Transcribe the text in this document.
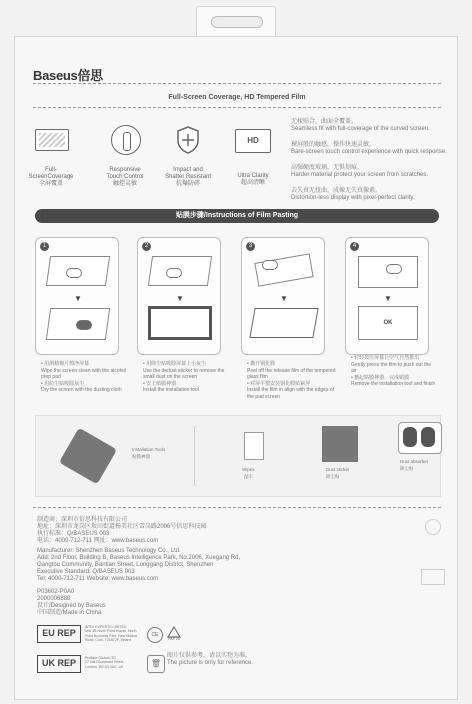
Baseus倍思
Full-Screen Coverage, HD Tempered Film
HD
Full-
ScreenCoverage
全屏覆盖
Responsive
Touch Control
触控灵敏
Impact and
Shatter Resistant
抗爆防碎
Ultra Clarity
超高清晰
无棱贴合，曲面全覆盖。
Seamless fit with full-coverage of the curved screen.
裸屏般的触感，操作快速灵敏。
Bare-screen touch control experience with quick response.
高强硬度玻璃，无惧划痕。
Harder material protect your screen from scratches.
去失真无扭曲，成像无失真像素。
Distortion-less display with pixel-perfect clarity.
贴膜步骤/Instructions of Film Pasting
1
▼
2
▼
3
▼
4
▼
OK
• 用酒精棉片擦净屏幕
Wipe the screen clean with the alcohol prep pad
• 用防尘贴吸除灰尘
Dry the screen with the dusting cloth
• 用除尘贴吸除屏幕上小灰尘
Use the dedust sticker to remove the small dust on the screen
• 安上贴膜神器
Install the installation tool
• 撕开钢化膜
Peel off the release film of the tempered glass film
• 对屏平整安装钢化膜贴紧屏
Install the film in align with the edges of the pad screen
• 轻轻按压屏幕让空气自然排出
Gently press the film to push out the air
• 撤起贴膜神器，完成贴膜
Remove the installation tool and finish
Installation Tools
贴膜神器
Wipes
湿巾
Dust sticker
除尘贴
Dust absorber
除尘贴
制造商：深圳市倍思科技有限公司
地址：深圳市龙岗区坂田街道杨美社区雪岗路2006号倍思科技园
执行标准：Q/BASEUS 003
电话：4000-712-711 网址：www.baseus.com
Manufacturer: Shenzhen Baseus Technology Co., Ltd.
Add: 2nd Floor, Building B, Baseus Intelligence Park, No.2006, Xuegang Rd,
Gangtou Community, Bantian Street, Longgang District, Shenzhen
Executive Standard: Q/BASEUS 003
Tel: 4000-712-711 Website: www.baseus.com
P03602-P0A0
2000006888
设计/Designed by Baseus
中国制造/Made in China
EU REP
APEX EXPERTS LIMITED
Unit 3B North Point House, North
Point Business Park, New Mallow
Road, Cork, T23AT2P, Ireland
UK REP	ProBlue Global LTD
27 Old Gloucester Street,
London, WC1N 3AX, UK
CE
PAP 20
🗑
图片仅供参考，请以实物为准。
The picture is only for reference.
